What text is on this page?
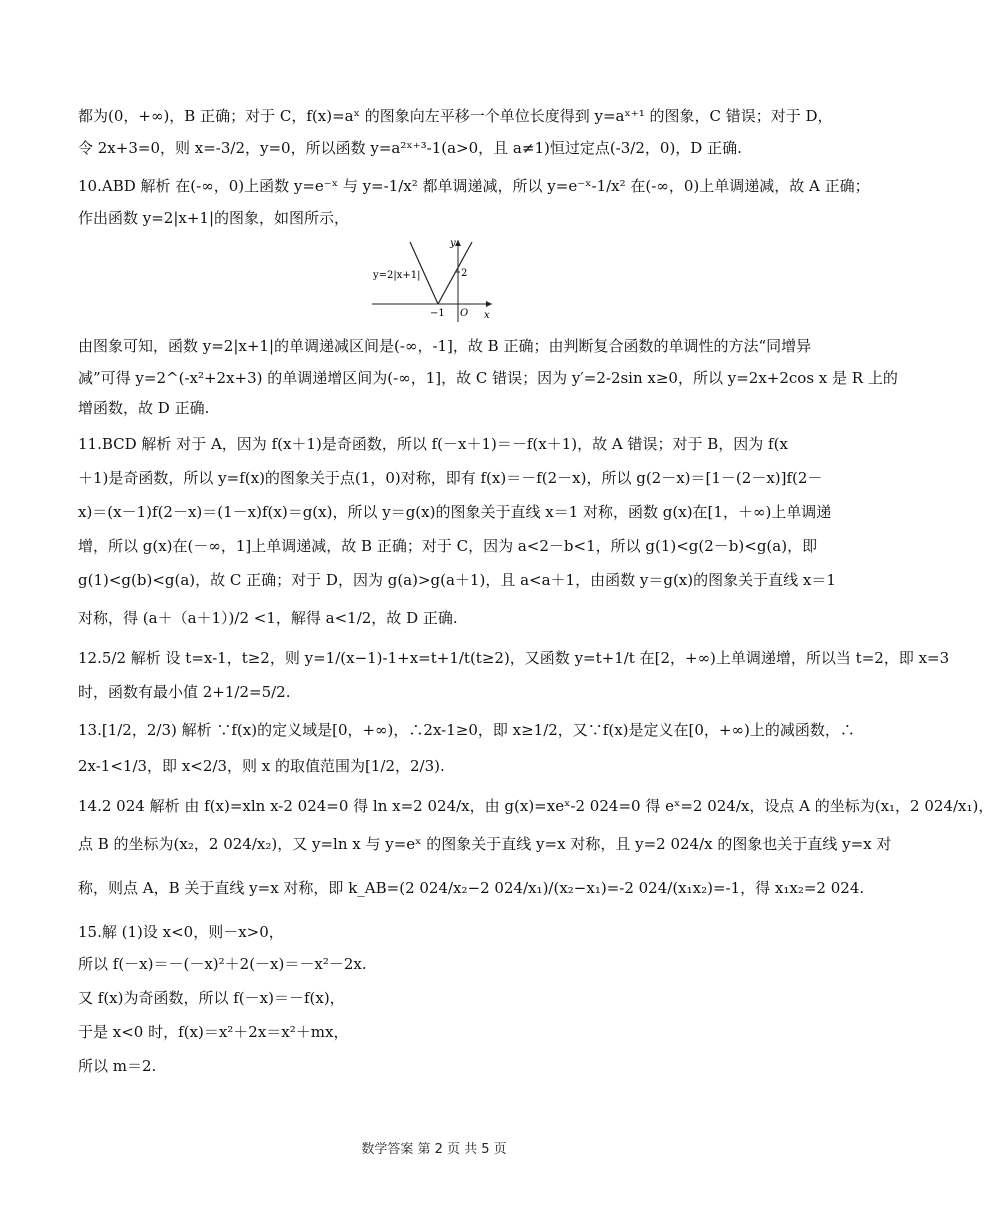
都为(0，+∞)，B 正确；对于 C，f(x)=aˣ 的图象向左平移一个单位长度得到 y=aˣ⁺¹ 的图象，C 错误；对于 D，
令 2x+3=0，则 x=-3/2，y=0，所以函数 y=a²ˣ⁺³-1(a>0，且 a≠1)恒过定点(-3/2，0)，D 正确.
10.ABD 解析 在(-∞，0)上函数 y=e⁻ˣ 与 y=-1/x² 都单调递减，所以 y=e⁻ˣ-1/x² 在(-∞，0)上单调递减，故 A 正确；
作出函数 y=2|x+1|的图象，如图所示，
y=2|x+1|
y
x
2
−1 O
由图象可知，函数 y=2|x+1|的单调递减区间是(-∞，-1]，故 B 正确；由判断复合函数的单调性的方法“同增异
减”可得 y=2^(-x²+2x+3) 的单调递增区间为(-∞，1]，故 C 错误；因为 y′=2-2sin x≥0，所以 y=2x+2cos x 是 R 上的
增函数，故 D 正确.
11.BCD 解析 对于 A，因为 f(x＋1)是奇函数，所以 f(－x＋1)＝－f(x＋1)，故 A 错误；对于 B，因为 f(x
＋1)是奇函数，所以 y=f(x)的图象关于点(1，0)对称，即有 f(x)＝－f(2－x)，所以 g(2－x)＝[1－(2－x)]f(2－
x)＝(x－1)f(2－x)＝(1－x)f(x)＝g(x)，所以 y＝g(x)的图象关于直线 x＝1 对称，函数 g(x)在[1，＋∞)上单调递
增，所以 g(x)在(－∞，1]上单调递减，故 B 正确；对于 C，因为 a<2－b<1，所以 g(1)<g(2－b)<g(a)，即
g(1)<g(b)<g(a)，故 C 正确；对于 D，因为 g(a)>g(a＋1)，且 a<a＋1，由函数 y＝g(x)的图象关于直线 x＝1
对称，得 (a＋（a＋1）)/2 <1，解得 a<1/2，故 D 正确.
12.5/2 解析 设 t=x-1，t≥2，则 y=1/(x−1)-1+x=t+1/t(t≥2)，又函数 y=t+1/t 在[2，+∞)上单调递增，所以当 t=2，即 x=3
时，函数有最小值 2+1/2=5/2.
13.[1/2，2/3) 解析 ∵f(x)的定义域是[0，+∞)，∴2x-1≥0，即 x≥1/2，又∵f(x)是定义在[0，+∞)上的减函数，∴
2x-1<1/3，即 x<2/3，则 x 的取值范围为[1/2，2/3).
14.2 024 解析 由 f(x)=xln x-2 024=0 得 ln x=2 024/x，由 g(x)=xeˣ-2 024=0 得 eˣ=2 024/x，设点 A 的坐标为(x₁，2 024/x₁)，
点 B 的坐标为(x₂，2 024/x₂)，又 y=ln x 与 y=eˣ 的图象关于直线 y=x 对称，且 y=2 024/x 的图象也关于直线 y=x 对
称，则点 A，B 关于直线 y=x 对称，即 k_AB=(2 024/x₂−2 024/x₁)/(x₂−x₁)=-2 024/(x₁x₂)=-1，得 x₁x₂=2 024.
15.解 (1)设 x<0，则－x>0，
所以 f(－x)＝－(－x)²＋2(－x)＝－x²－2x.
又 f(x)为奇函数，所以 f(－x)＝－f(x)，
于是 x<0 时，f(x)＝x²＋2x＝x²＋mx，
所以 m＝2.
数学答案 第 2 页 共 5 页
